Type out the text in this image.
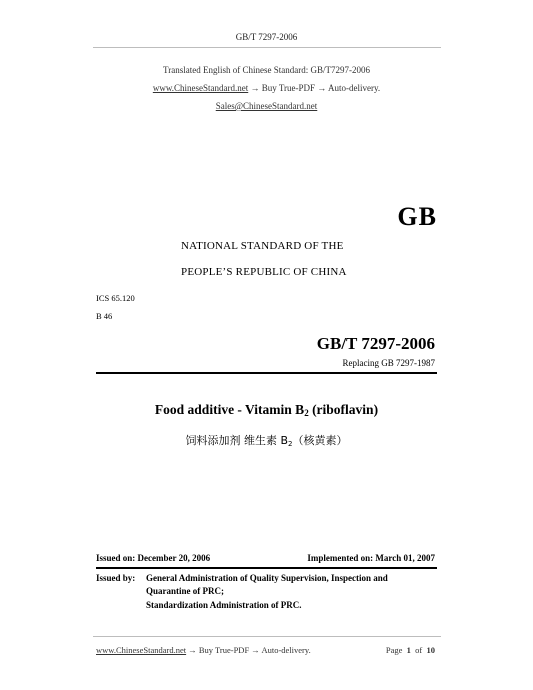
GB/T 7297-2006
Translated English of Chinese Standard: GB/T7297-2006
www.ChineseStandard.net → Buy True-PDF → Auto-delivery.
Sales@ChineseStandard.net
GB
NATIONAL STANDARD OF THE
PEOPLE’S REPUBLIC OF CHINA
ICS 65.120
B 46
GB/T 7297-2006
Replacing GB 7297-1987
Food additive - Vitamin $B_2$ (riboflavin)
饲料添加剂 维生素 $B_2$（核黄素）
Issued on: December 20, 2006	Implemented on: March 01, 2007
Issued by: General Administration of Quality Supervision, Inspection and
Quarantine of PRC;
Standardization Administration of PRC.
www.ChineseStandard.net → Buy True-PDF → Auto-delivery.	Page 1 of 10
